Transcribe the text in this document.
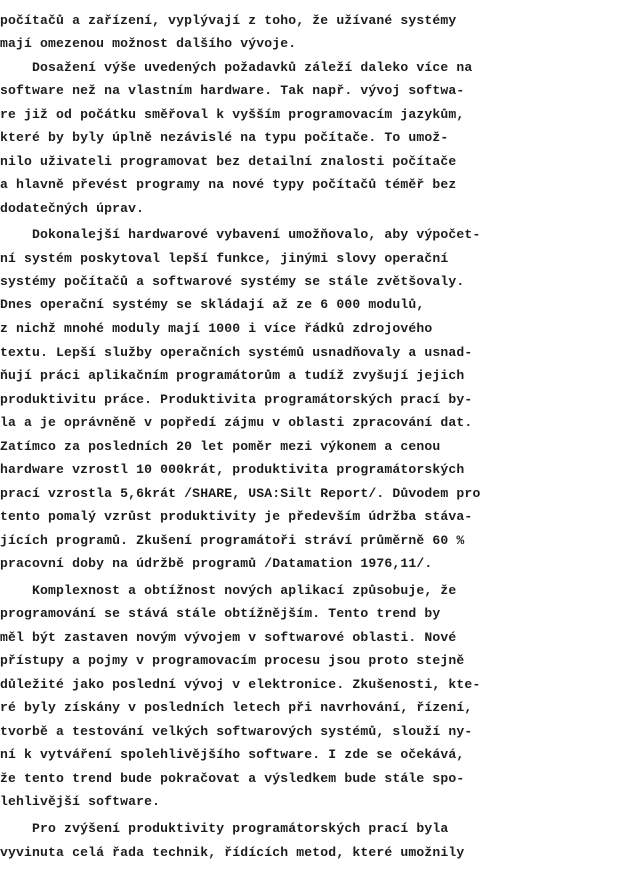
počítačů a zařízení, vyplývají z toho, že užívané systémy
mají omezenou možnost dalšího vývoje.
Dosažení výše uvedených požadavků záleží daleko více na
software než na vlastním hardware. Tak např. vývoj softwa-
re již od počátku směřoval k vyšším programovacím jazykům,
které by byly úplně nezávislé na typu počítače. To umož-
nilo uživateli programovat bez detailní znalosti počítače
a hlavně převést programy na nové typy počítačů téměř bez
dodatečných úprav.
Dokonalejší hardwarové vybavení umožňovalo, aby výpočet-
ní systém poskytoval lepší funkce, jinými slovy operační
systémy počítačů a softwarové systémy se stále zvětšovaly.
Dnes operační systémy se skládají až ze 6 000 modulů,
z nichž mnohé moduly mají 1000 i více řádků zdrojového
textu. Lepší služby operačních systémů usnadňovaly a usnad-
ňují práci aplikačním programátorům a tudíž zvyšují jejich
produktivitu práce. Produktivita programátorských prací by-
la a je oprávněně v popředí zájmu v oblasti zpracování dat.
Zatímco za posledních 20 let poměr mezi výkonem a cenou
hardware vzrostl 10 000krát, produktivita programátorských
prací vzrostla 5,6krát /SHARE, USA:Silt Report/. Důvodem pro
tento pomalý vzrůst produktivity je především údržba stáva-
jících programů. Zkušení programátoři stráví průměrně 60 %
pracovní doby na údržbě programů /Datamation 1976,11/.
Komplexnost a obtížnost nových aplikací způsobuje, že
programování se stává stále obtížnějším. Tento trend by
měl být zastaven novým vývojem v softwarové oblasti. Nové
přístupy a pojmy v programovacím procesu jsou proto stejně
důležité jako poslední vývoj v elektronice. Zkušenosti, kte-
ré byly získány v posledních letech při navrhování, řízení,
tvorbě a testování velkých softwarových systémů, slouží ny-
ní k vytváření spolehlivějšího software. I zde se očekává,
že tento trend bude pokračovat a výsledkem bude stále spo-
lehlivější software.
Pro zvýšení produktivity programátorských prací byla
vyvinuta celá řada technik, řídících metod, které umožnily
